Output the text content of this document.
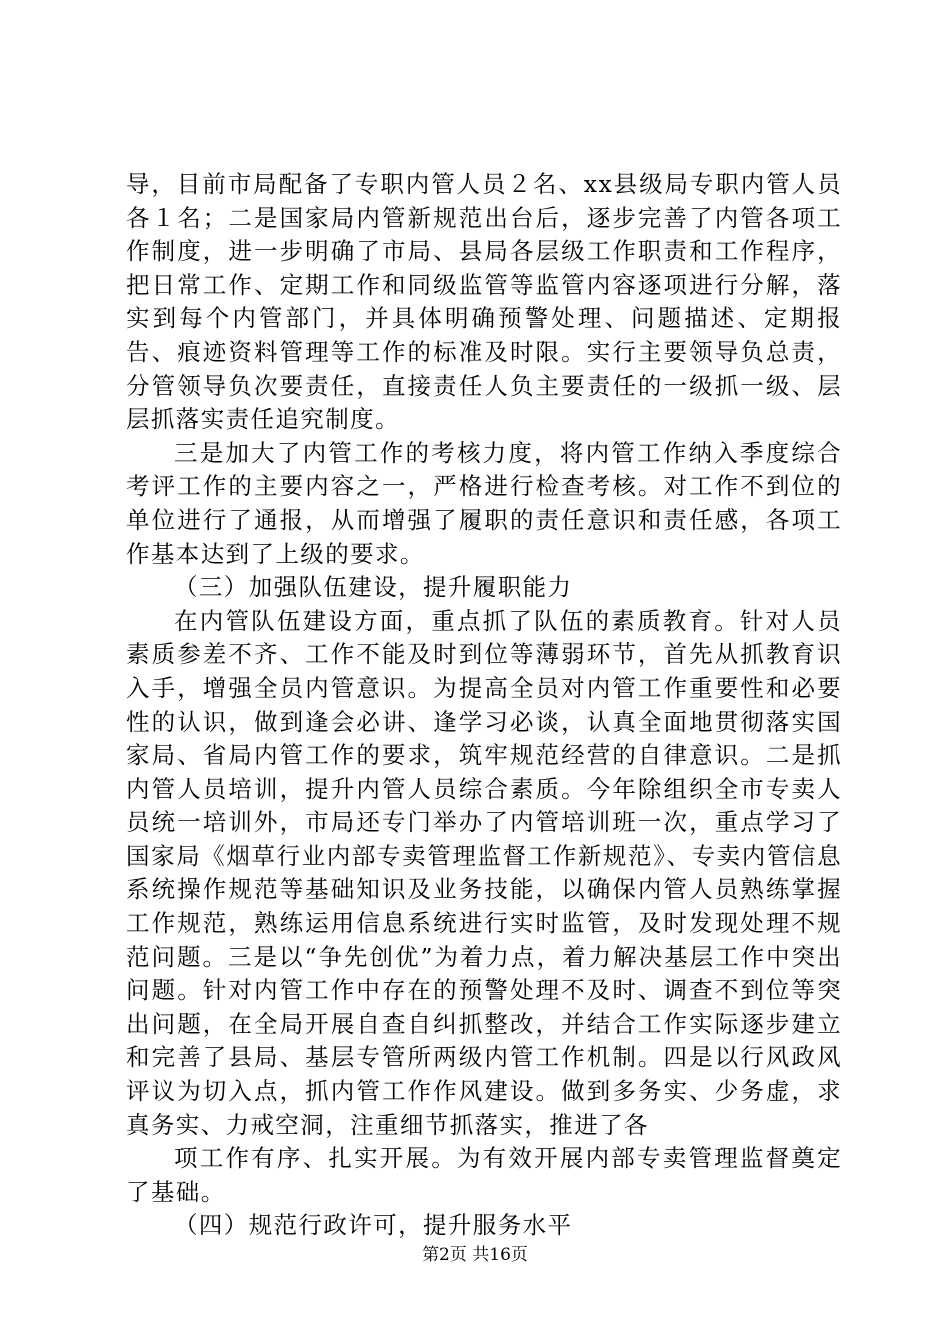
导，目前市局配备了专职内管人员２名、xx县级局专职内管人员各１名；二是国家局内管新规范出台后，逐步完善了内管各项工作制度，进一步明确了市局、县局各层级工作职责和工作程序，把日常工作、定期工作和同级监管等监管内容逐项进行分解，落实到每个内管部门，并具体明确预警处理、问题描述、定期报告、痕迹资料管理等工作的标准及时限。实行主要领导负总责，分管领导负次要责任，直接责任人负主要责任的一级抓一级、层层抓落实责任追究制度。

三是加大了内管工作的考核力度，将内管工作纳入季度综合考评工作的主要内容之一，严格进行检查考核。对工作不到位的单位进行了通报，从而增强了履职的责任意识和责任感，各项工作基本达到了上级的要求。

（三）加强队伍建设，提升履职能力

在内管队伍建设方面，重点抓了队伍的素质教育。针对人员素质参差不齐、工作不能及时到位等薄弱环节，首先从抓教育识入手，增强全员内管意识。为提高全员对内管工作重要性和必要性的认识，做到逢会必讲、逢学习必谈，认真全面地贯彻落实国家局、省局内管工作的要求，筑牢规范经营的自律意识。二是抓内管人员培训，提升内管人员综合素质。今年除组织全市专卖人员统一培训外，市局还专门举办了内管培训班一次，重点学习了国家局《烟草行业内部专卖管理监督工作新规范》、专卖内管信息系统操作规范等基础知识及业务技能，以确保内管人员熟练掌握工作规范，熟练运用信息系统进行实时监管，及时发现处理不规范问题。三是以“争先创优”为着力点，着力解决基层工作中突出问题。针对内管工作中存在的预警处理不及时、调查不到位等突出问题，在全局开展自查自纠抓整改，并结合工作实际逐步建立和完善了县局、基层专管所两级内管工作机制。四是以行风政风评议为切入点，抓内管工作作风建设。做到多务实、少务虚，求真务实、力戒空洞，注重细节抓落实，推进了各

项工作有序、扎实开展。为有效开展内部专卖管理监督奠定了基础。

（四）规范行政许可，提升服务水平

第2页 共16页
